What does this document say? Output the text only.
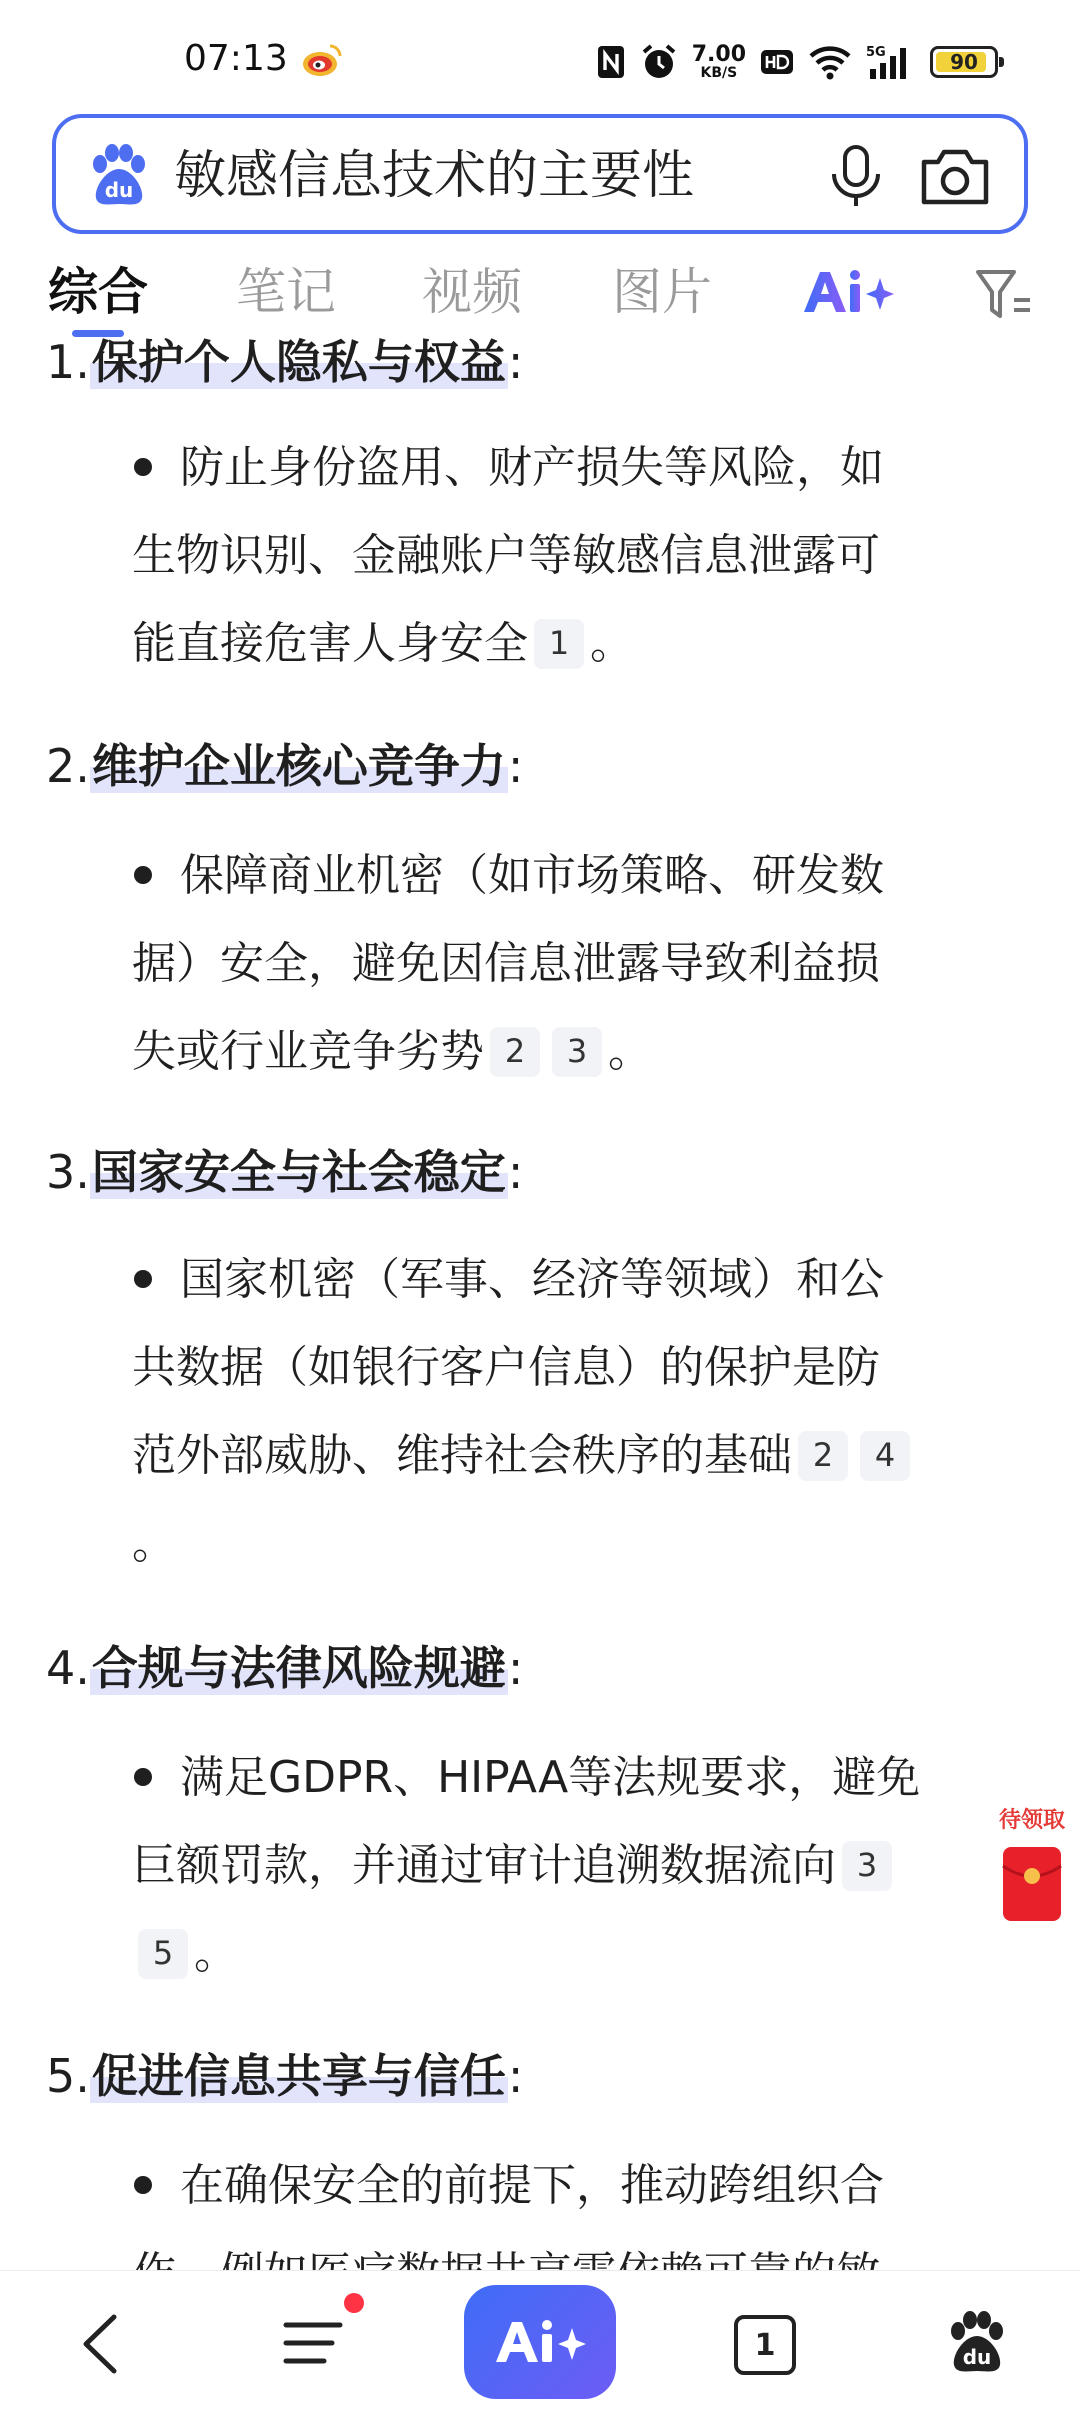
07:13	7.00
KB/S
5G	90
du 敏感信息技术的主要性
综合 笔记 视频 图片
1.保护个人隐私与权益:
防止身份盗用、财产损失等风险，如
生物识别、金融账户等敏感信息泄露可
能直接危害人身安全 1 。
2.维护企业核心竞争力:
保障商业机密（如市场策略、研发数
据）安全，避免因信息泄露导致利益损
失或行业竞争劣势 2 3 。
3.国家安全与社会稳定:
国家机密（军事、经济等领域）和公
共数据（如银行客户信息）的保护是防
范外部威胁、维持社会秩序的基础 2 4
。
4.合规与法律风险规避:
满足GDPR、HIPAA等法规要求，避免
巨额罚款，并通过审计追溯数据流向 3
5 。
5.促进信息共享与信任:
在确保安全的前提下，推动跨组织合

待领取
1	du
